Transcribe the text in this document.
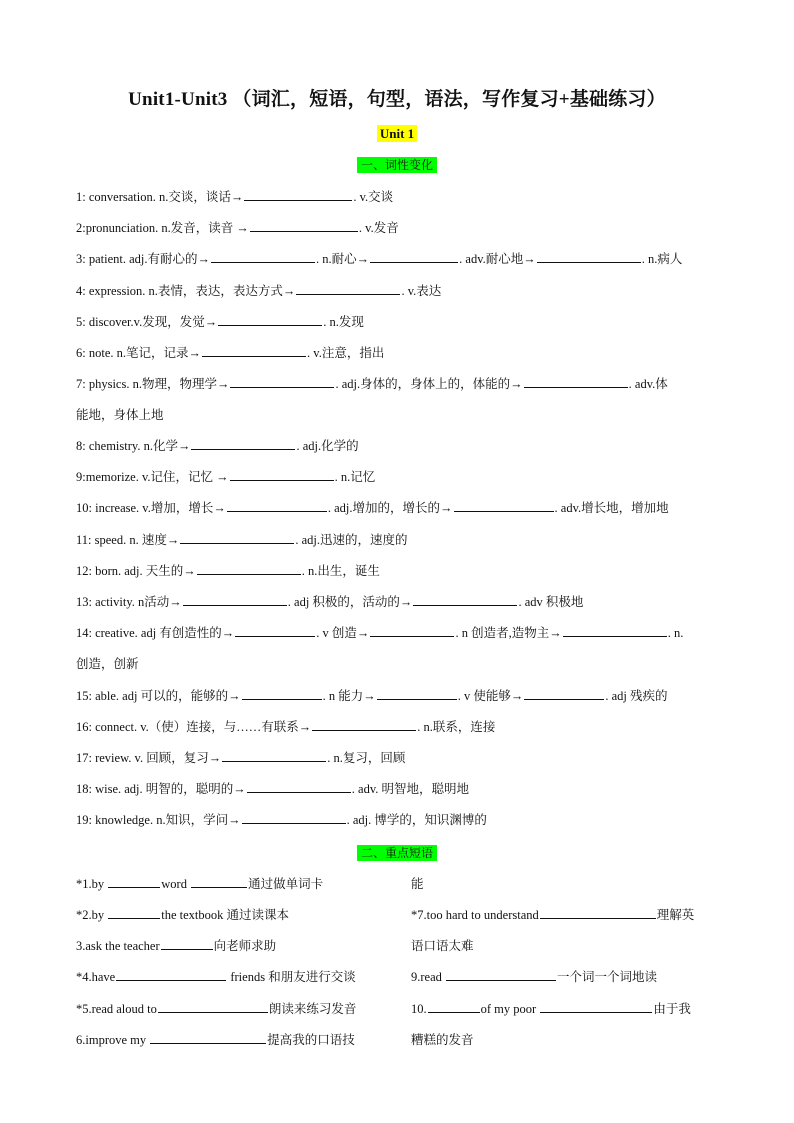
Unit1-Unit3 （词汇，短语，句型，语法，写作复习+基础练习）
Unit 1
一、词性变化
1: conversation. n.交谈，谈话→	. v.交谈
2:pronunciation. n.发音，读音 →	. v.发音
3: patient. adj.有耐心的→	. n.耐心→	. adv.耐心地→	. n.病人
4: expression. n.表情，表达，表达方式→	. v.表达
5: discover.v.发现，发觉→	. n.发现
6: note. n.笔记，记录→	. v.注意，指出
7: physics. n.物理，物理学→	. adj.身体的，身体上的，体能的→	. adv.体
能地，身体上地
8: chemistry. n.化学→	. adj.化学的
9:memorize. v.记住，记忆 →	. n.记忆
10: increase. v.增加，增长→	. adj.增加的，增长的→	. adv.增长地，增加地
11: speed. n. 速度→	. adj.迅速的，速度的
12: born. adj. 天生的→	. n.出生，诞生
13: activity. n活动→	. adj 积极的，活动的→	. adv 积极地
14: creative. adj 有创造性的→	. v 创造→	. n 创造者,造物主→	. n.
创造，创新
15: able. adj 可以的，能够的→	. n 能力→	. v 使能够→	. adj 残疾的
16: connect. v.（使）连接，与……有联系→	. n.联系，连接
17: review. v. 回顾，复习→	. n.复习，回顾
18: wise. adj. 明智的，聪明的→	. adv. 明智地，聪明地
19: knowledge. n.知识，学问→	. adj. 博学的，知识渊博的
二、重点短语
*1.by	word	通过做单词卡
*2.by	the textbook 通过读课本
3.ask the teacher	向老师求助
*4.have	friends 和朋友进行交谈
*5.read aloud to	朗读来练习发音
6.improve my	提高我的口语技
能
*7.too hard to understand	理解英
语口语太难
9.read	一个词一个词地读
10.	of my poor	由于我
糟糕的发音
